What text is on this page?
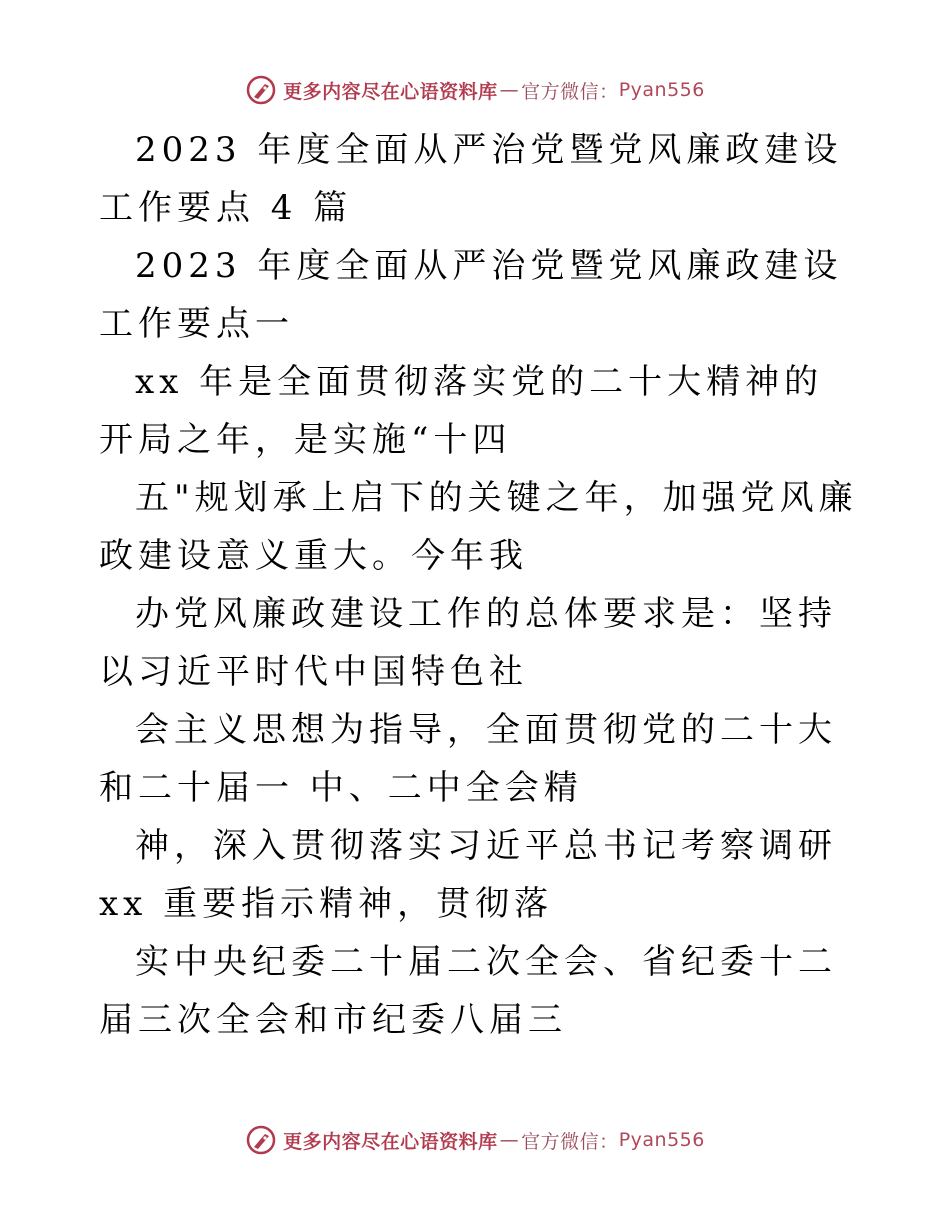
更多内容尽在心语资料库 — 官方微信： Pyan556

2023 年度全面从严治党暨党风廉政建设工作要点 4 篇

2023 年度全面从严治党暨党风廉政建设工作要点一

xx 年是全面贯彻落实党的二十大精神的开局之年，是实施“十四

五"规划承上启下的关键之年，加强党风廉政建设意义重大。今年我

办党风廉政建设工作的总体要求是：坚持以习近平时代中国特色社

会主义思想为指导，全面贯彻党的二十大和二十届一 中、二中全会精

神，深入贯彻落实习近平总书记考察调研 xx 重要指示精神，贯彻落

实中央纪委二十届二次全会、省纪委十二届三次全会和市纪委八届三

更多内容尽在心语资料库 — 官方微信： Pyan556
